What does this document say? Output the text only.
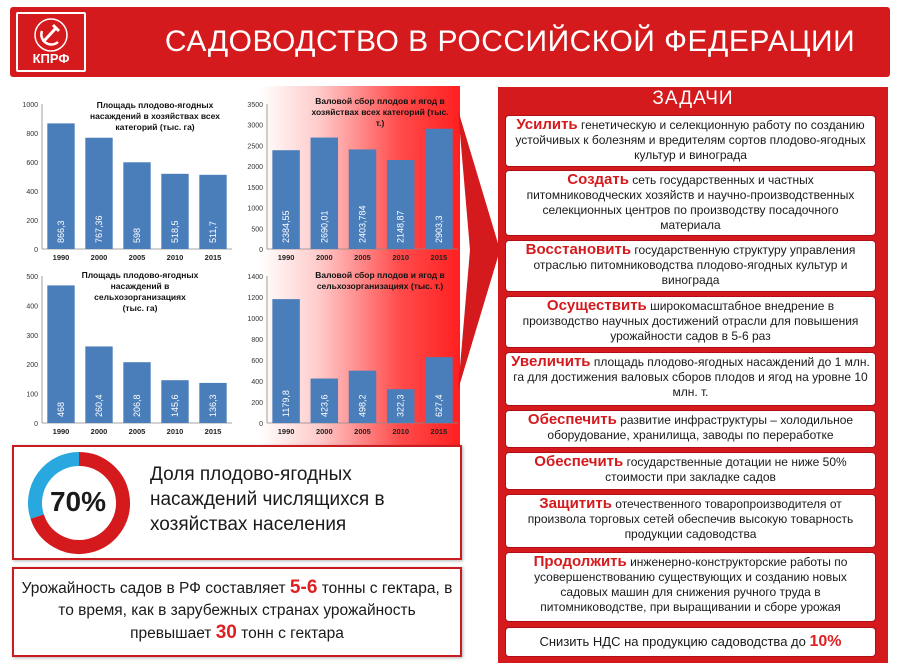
КПРФ
САДОВОДСТВО В РОССИЙСКОЙ ФЕДЕРАЦИИ
0
200
400
600
800
1000
866,3
1990
767,36
2000
598
2005
518,5
2010
511,7
2015
Площадь плодово-ягодных
насаждений в хозяйствах всех
категорий (тыс. га)
0
500
1000
1500
2000
2500
3000
3500
2384,55
1990
2690,01
2000
2403,784
2005
2148,87
2010
2903,3
2015
Валовой сбор плодов и ягод в
хозяйствах всех категорий (тыс.
т.)
0
100
200
300
400
500
468
1990
260,4
2000
206,8
2005
145,6
2010
136,3
2015
Площадь плодово-ягодных
насаждений в
сельхозорганизациях
(тыс. га)
0
200
400
600
800
1000
1200
1400
1179,8
1990
423,6
2000
498,2
2005
322,3
2010
627,4
2015
Валовой сбор плодов и ягод в
сельхозорганизациях (тыс. т.)
70%
Доля плодово-ягодных насаждений числящихся в хозяйствах населения
Урожайность садов в РФ составляет 5-6 тонны с гектара, в то время, как в зарубежных странах урожайность превышает 30 тонн с гектара
ЗАДАЧИ
Усилить генетическую и селекционную работу по созданию устойчивых к болезням и вредителям сортов плодово-ягодных культур и винограда
Создать сеть государственных и частных питомниководческих хозяйств и научно-производственных селекционных центров по производству посадочного материала
Восстановить государственную структуру управления отраслью питомниководства плодово-ягодных культур и винограда
Осуществить широкомасштабное внедрение в производство научных достижений отрасли для повышения урожайности садов в 5-6 раз
Увеличить площадь плодово-ягодных насаждений до 1 млн. га для достижения валовых сборов плодов и ягод на уровне 10 млн. т.
Обеспечить развитие инфраструктуры – холодильное оборудование, хранилища, заводы по переработке
Обеспечить государственные дотации не ниже 50% стоимости при закладке садов
Защитить отечественного товаропроизводителя от произвола торговых сетей обеспечив высокую товарность продукции садоводства
Продолжить инженерно-конструкторские работы по усовершенствованию существующих и созданию новых садовых машин для снижения ручного труда в питомниководстве, при выращивании и сборе урожая
Снизить НДС на продукцию садоводства до 10%
